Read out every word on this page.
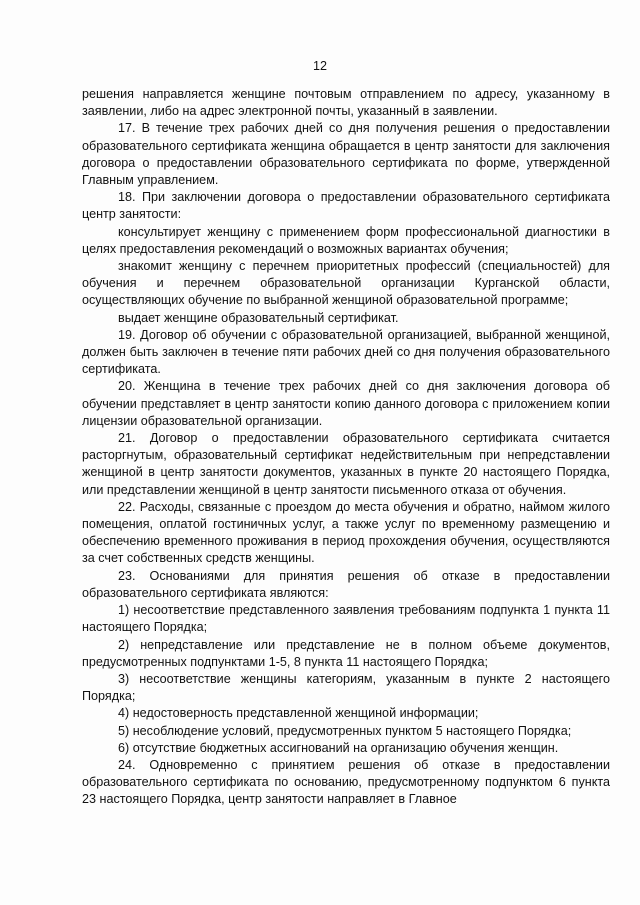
12

решения направляется женщине почтовым отправлением по адресу, указанному в заявлении, либо на адрес электронной почты, указанный в заявлении.

17. В течение трех рабочих дней со дня получения решения о предоставлении образовательного сертификата женщина обращается в центр занятости для заключения договора о предоставлении образовательного сертификата по форме, утвержденной Главным управлением.

18. При заключении договора о предоставлении образовательного сертификата центр занятости:

консультирует женщину с применением форм профессиональной диагностики в целях предоставления рекомендаций о возможных вариантах обучения;

знакомит женщину с перечнем приоритетных профессий (специальностей) для обучения и перечнем образовательной организации Курганской области, осуществляющих обучение по выбранной женщиной образовательной программе;

выдает женщине образовательный сертификат.

19. Договор об обучении с образовательной организацией, выбранной женщиной, должен быть заключен в течение пяти рабочих дней со дня получения образовательного сертификата.

20. Женщина в течение трех рабочих дней со дня заключения договора об обучении представляет в центр занятости копию данного договора с приложением копии лицензии образовательной организации.

21. Договор о предоставлении образовательного сертификата считается расторгнутым, образовательный сертификат недействительным при непредставлении женщиной в центр занятости документов, указанных в пункте 20 настоящего Порядка, или представлении женщиной в центр занятости письменного отказа от обучения.

22. Расходы, связанные с проездом до места обучения и обратно, наймом жилого помещения, оплатой гостиничных услуг, а также услуг по временному размещению и обеспечению временного проживания в период прохождения обучения, осуществляются за счет собственных средств женщины.

23. Основаниями для принятия решения об отказе в предоставлении образовательного сертификата являются:

1) несоответствие представленного заявления требованиям подпункта 1 пункта 11 настоящего Порядка;

2) непредставление или представление не в полном объеме документов, предусмотренных подпунктами 1-5, 8 пункта 11 настоящего Порядка;

3) несоответствие женщины категориям, указанным в пункте 2 настоящего Порядка;

4) недостоверность представленной женщиной информации;

5) несоблюдение условий, предусмотренных пунктом 5 настоящего Порядка;

6) отсутствие бюджетных ассигнований на организацию обучения женщин.

24. Одновременно с принятием решения об отказе в предоставлении образовательного сертификата по основанию, предусмотренному подпунктом 6 пункта 23 настоящего Порядка, центр занятости направляет в Главное
